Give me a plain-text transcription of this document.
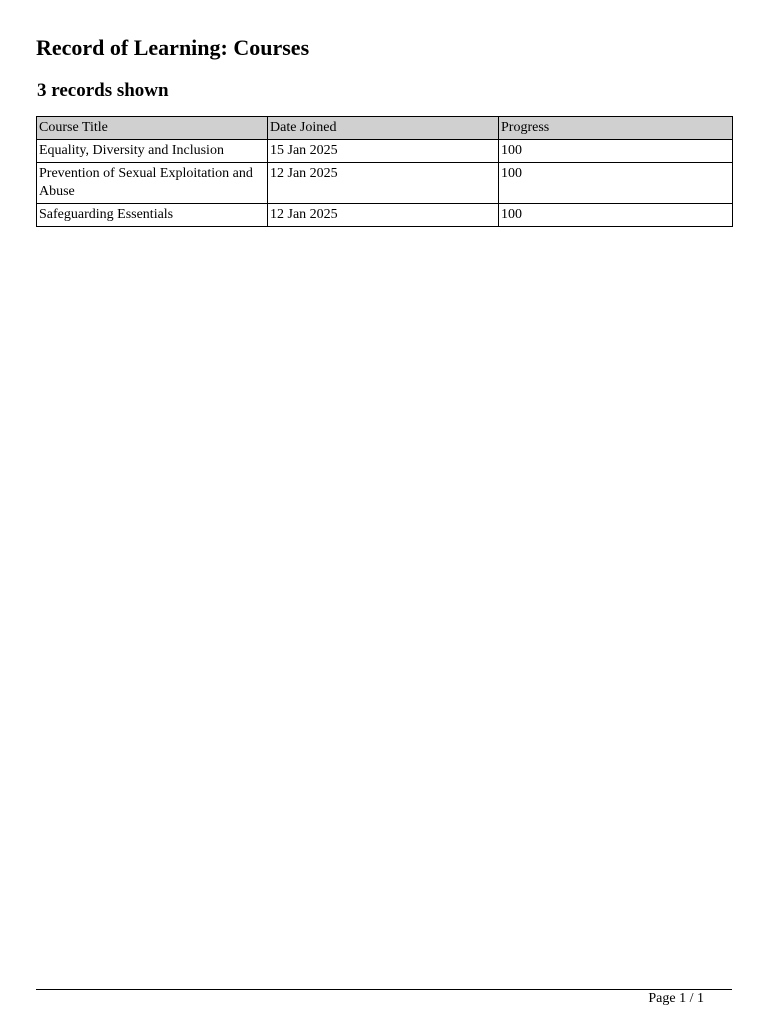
Record of Learning: Courses
3 records shown
Course Title	Date Joined	Progress
Equality, Diversity and Inclusion	15 Jan 2025	100
Prevention of Sexual Exploitation and Abuse	12 Jan 2025	100
Safeguarding Essentials	12 Jan 2025	100
Page 1 / 1
